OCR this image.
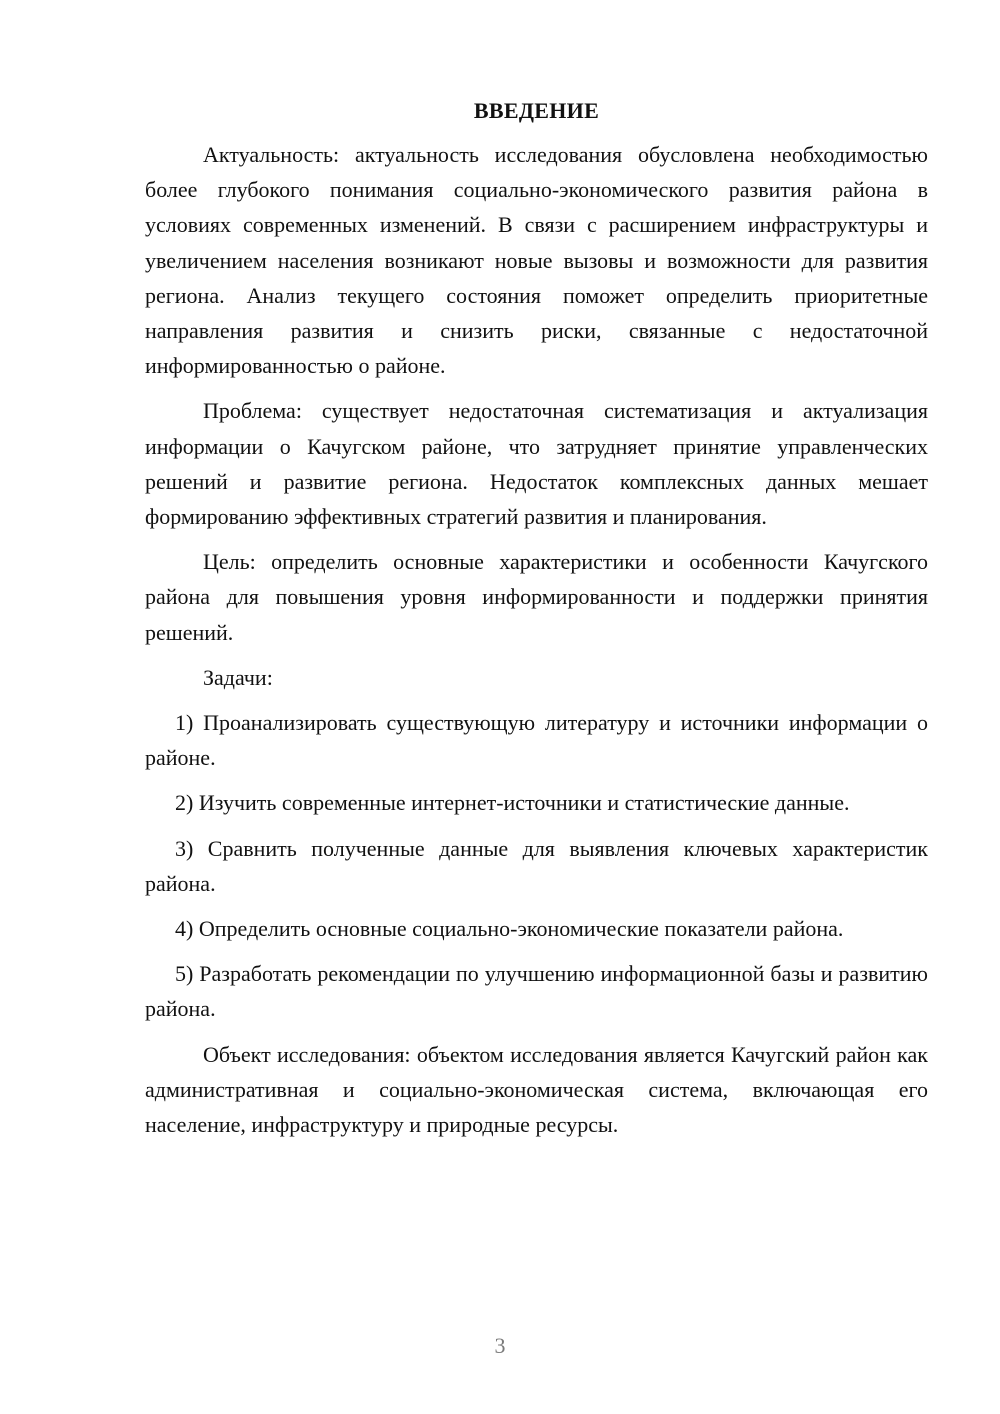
ВВЕДЕНИЕ

Актуальность: актуальность исследования обусловлена необходимостью более глубокого понимания социально-экономического развития района в условиях современных изменений. В связи с расширением инфраструктуры и увеличением населения возникают новые вызовы и возможности для развития региона. Анализ текущего состояния поможет определить приоритетные направления развития и снизить риски, связанные с недостаточной информированностью о районе.

Проблема: существует недостаточная систематизация и актуализация информации о Качугском районе, что затрудняет принятие управленческих решений и развитие региона. Недостаток комплексных данных мешает формированию эффективных стратегий развития и планирования.

Цель: определить основные характеристики и особенности Качугского района для повышения уровня информированности и поддержки принятия решений.

Задачи:

1) Проанализировать существующую литературу и источники информации о районе.

2) Изучить современные интернет-источники и статистические данные.

3) Сравнить полученные данные для выявления ключевых характеристик района.

4) Определить основные социально-экономические показатели района.

5) Разработать рекомендации по улучшению информационной базы и развитию района.

Объект исследования: объектом исследования является Качугский район как административная и социально-экономическая система, включающая его население, инфраструктуру и природные ресурсы.

3
